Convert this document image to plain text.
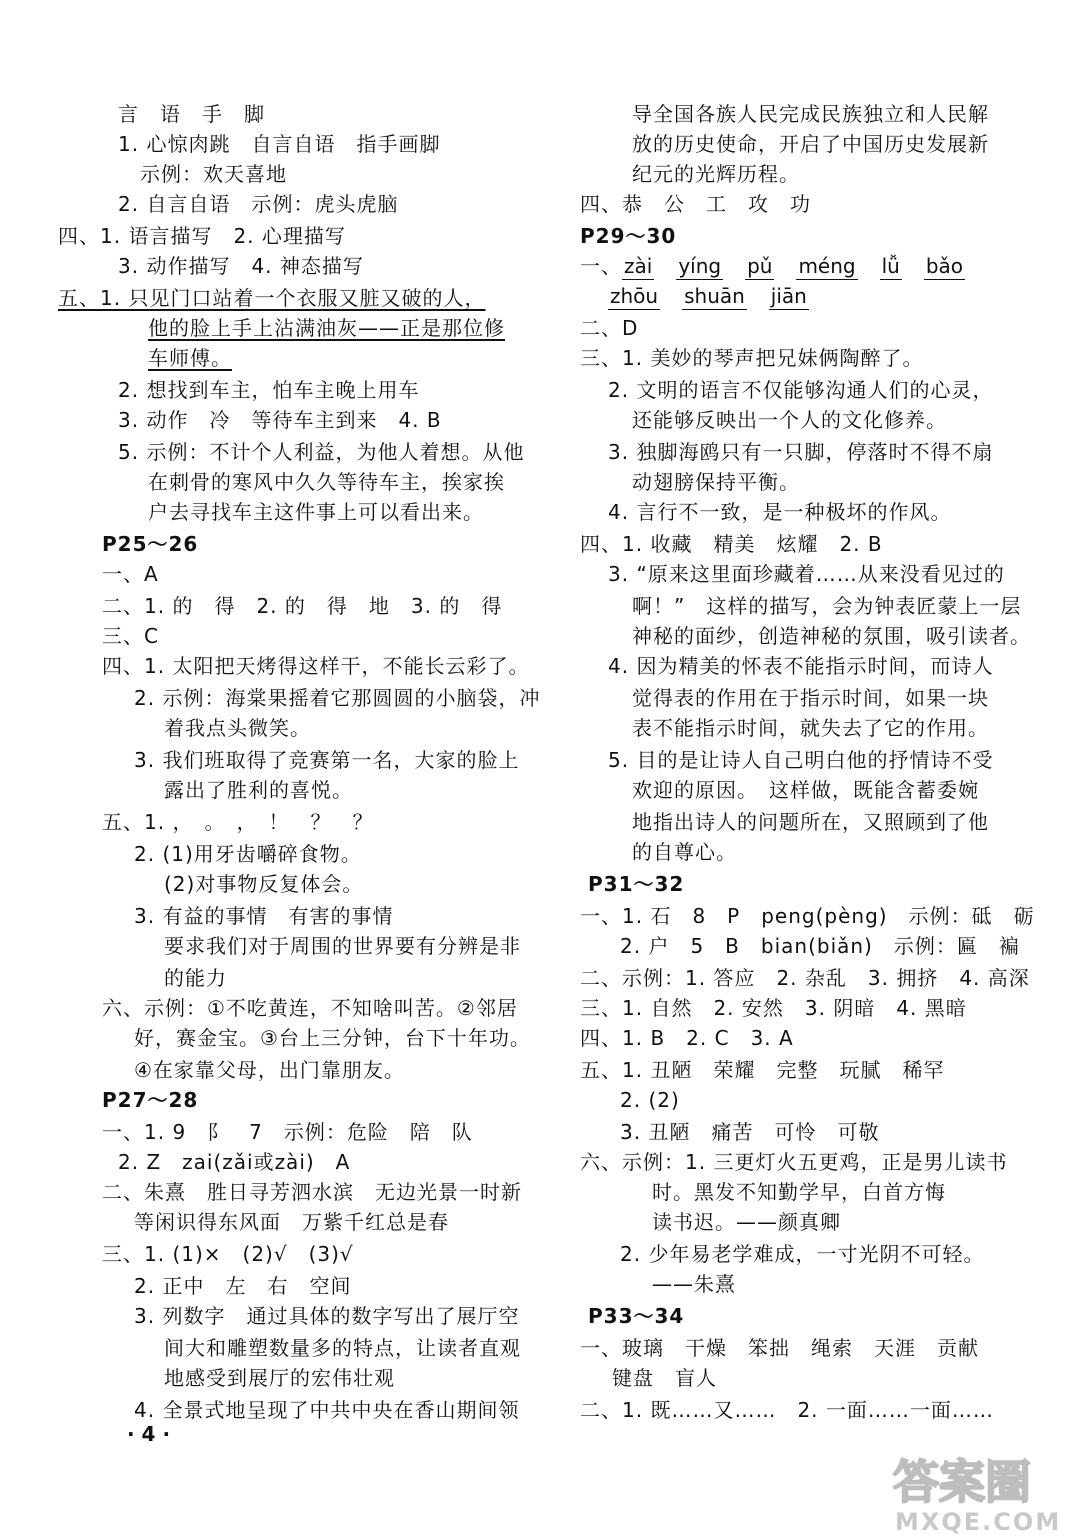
言　语　手　脚
1. 心惊肉跳　自言自语　指手画脚
示例：欢天喜地
2. 自言自语　示例：虎头虎脑
四、1. 语言描写　2. 心理描写
3. 动作描写　4. 神态描写
五、1. 只见门口站着一个衣服又脏又破的人，
他的脸上手上沾满油灰——正是那位修
车师傅。
2. 想找到车主，怕车主晚上用车
3. 动作　冷　等待车主到来　4. B
5. 示例：不计个人利益，为他人着想。从他
在刺骨的寒风中久久等待车主，挨家挨
户去寻找车主这件事上可以看出来。
P25～26
一、A
二、1. 的　得　2. 的　得　地　3. 的　得
三、C
四、1. 太阳把天烤得这样干，不能长云彩了。
2. 示例：海棠果摇着它那圆圆的小脑袋，冲
着我点头微笑。
3. 我们班取得了竞赛第一名，大家的脸上
露出了胜利的喜悦。
五、1. ，　。　，　！　？　？
2. (1)用牙齿嚼碎食物。
(2)对事物反复体会。
3. 有益的事情　有害的事情
要求我们对于周围的世界要有分辨是非
的能力
六、示例：①不吃黄连，不知啥叫苦。②邻居
好，赛金宝。③台上三分钟，台下十年功。
④在家靠父母，出门靠朋友。
P27～28
一、1. 9　阝　7　示例：危险　陪　队
2. Z　zai(zǎi或zài)　A
二、朱熹　胜日寻芳泗水滨　无边光景一时新
等闲识得东风面　万紫千红总是春
三、1. (1)×　(2)√　(3)√
2. 正中　左　右　空间
3. 列数字　通过具体的数字写出了展厅空
间大和雕塑数量多的特点，让读者直观
地感受到展厅的宏伟壮观
4. 全景式地呈现了中共中央在香山期间领
导全国各族人民完成民族独立和人民解
放的历史使命，开启了中国历史发展新
纪元的光辉历程。
四、恭　公　工　攻　功
P29～30
一、 zài yíng pǔ méng lǚ bǎo
zhōu shuān jiān
二、D
三、1. 美妙的琴声把兄妹俩陶醉了。
2. 文明的语言不仅能够沟通人们的心灵，
还能够反映出一个人的文化修养。
3. 独脚海鸥只有一只脚，停落时不得不扇
动翅膀保持平衡。
4. 言行不一致，是一种极坏的作风。
四、1. 收藏　精美　炫耀　2. B
3. “原来这里面珍藏着……从来没看见过的
啊！”　这样的描写，会为钟表匠蒙上一层
神秘的面纱，创造神秘的氛围，吸引读者。
4. 因为精美的怀表不能指示时间，而诗人
觉得表的作用在于指示时间，如果一块
表不能指示时间，就失去了它的作用。
5. 目的是让诗人自己明白他的抒情诗不受
欢迎的原因。　这样做，既能含蓄委婉
地指出诗人的问题所在，又照顾到了他
的自尊心。
P31～32
一、1. 石　8　P　peng(pèng)　示例：砥　砺
2. 户　5　B　bian(biǎn)　示例：匾　褊
二、示例：1. 答应　2. 杂乱　3. 拥挤　4. 高深
三、1. 自然　2. 安然　3. 阴暗　4. 黑暗
四、1. B　2. C　3. A
五、1. 丑陋　荣耀　完整　玩腻　稀罕
2. (2)
3. 丑陋　痛苦　可怜　可敬
六、示例：1. 三更灯火五更鸡，正是男儿读书
时。黑发不知勤学早，白首方悔
读书迟。——颜真卿
2. 少年易老学难成，一寸光阴不可轻。
——朱熹
P33～34
一、玻璃　干燥　笨拙　绳索　天涯　贡献
键盘　盲人
二、1. 既……又……　2. 一面……一面……
· 4 ·
答案圈
MXQE.COM
